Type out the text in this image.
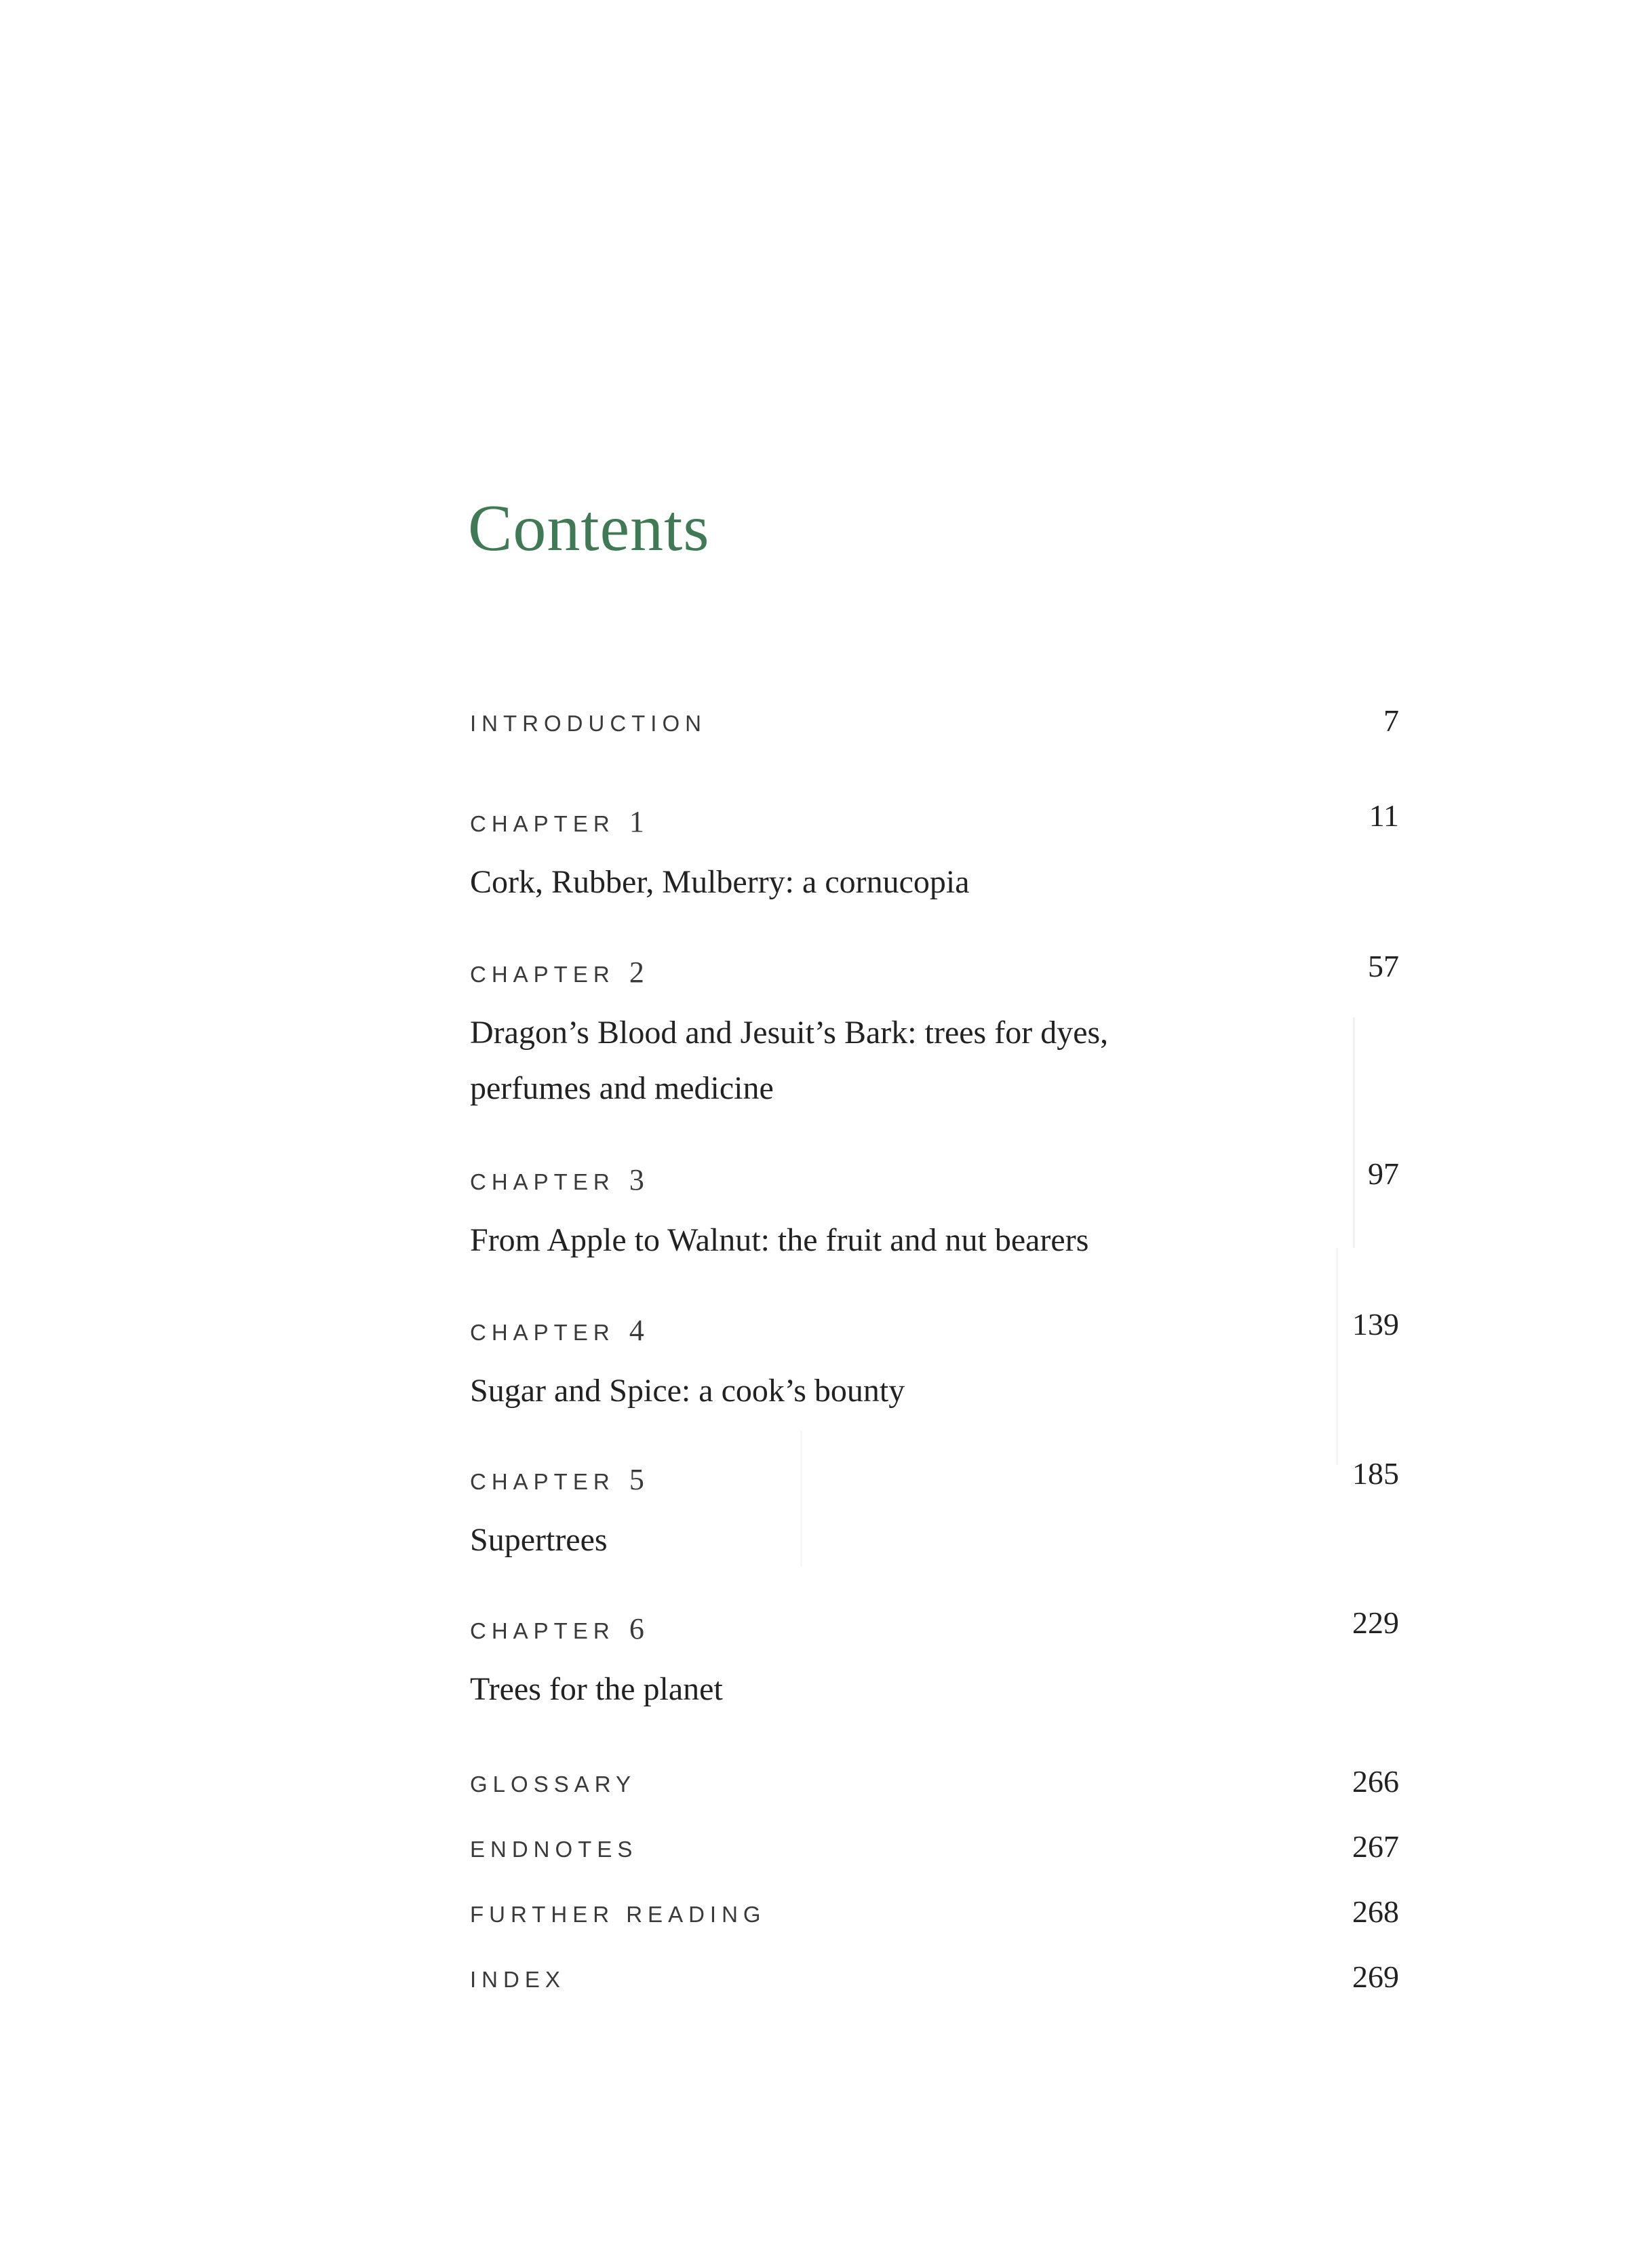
Contents
INTRODUCTION	7
CHAPTER 1	11
Cork, Rubber, Mulberry: a cornucopia
CHAPTER 2	57
Dragon’s Blood and Jesuit’s Bark: trees for dyes, perfumes and medicine
CHAPTER 3	97
From Apple to Walnut: the fruit and nut bearers
CHAPTER 4	139
Sugar and Spice: a cook’s bounty
CHAPTER 5	185
Supertrees
CHAPTER 6	229
Trees for the planet
GLOSSARY	266
ENDNOTES	267
FURTHER READING	268
INDEX	269
